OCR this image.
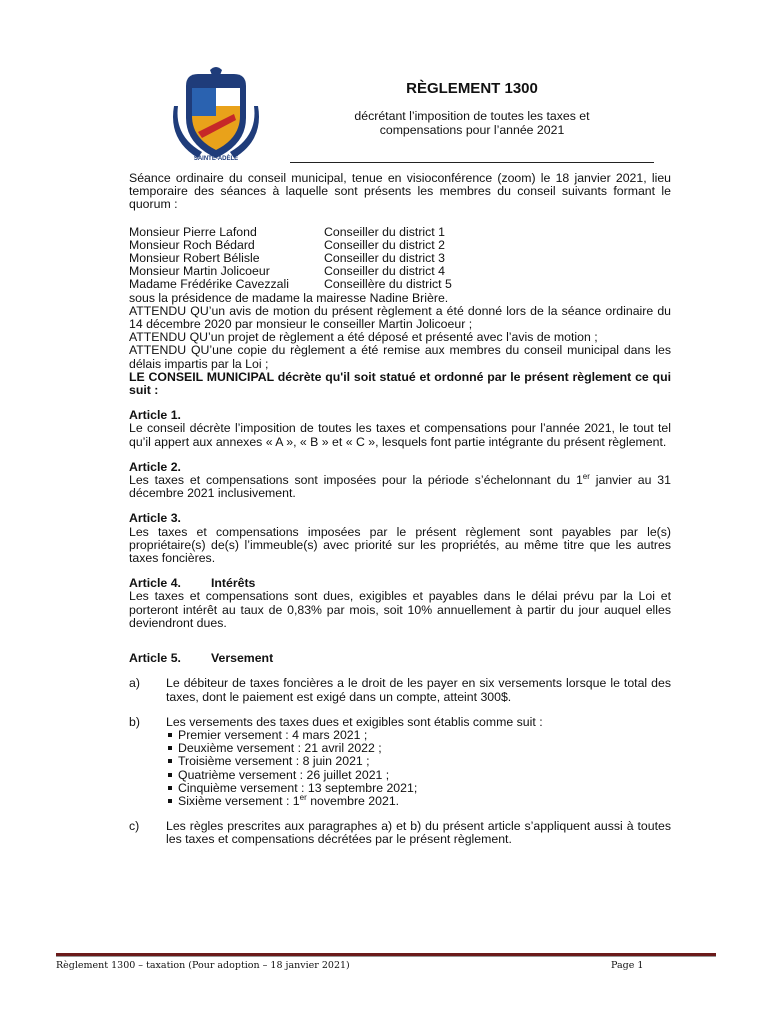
SAINTE-ADÈLE
RÈGLEMENT 1300
décrétant l’imposition de toutes les taxes et
compensations pour l’année 2021

Séance ordinaire du conseil municipal, tenue en visioconférence (zoom) le 18 janvier 2021, lieu temporaire des séances à laquelle sont présents les membres du conseil suivants formant le quorum :

Monsieur Pierre Lafond	Conseiller du district 1
Monsieur Roch Bédard	Conseiller du district 2
Monsieur Robert Bélisle	Conseiller du district 3
Monsieur Martin Jolicoeur	Conseiller du district 4
Madame Frédérike Cavezzali	Conseillère du district 5

sous la présidence de madame la mairesse Nadine Brière.

ATTENDU QU’un avis de motion du présent règlement a été donné lors de la séance ordinaire du 14 décembre 2020 par monsieur le conseiller Martin Jolicoeur ;

ATTENDU QU’un projet de règlement a été déposé et présenté avec l’avis de motion ;

ATTENDU QU’une copie du règlement a été remise aux membres du conseil municipal dans les délais impartis par la Loi ;

LE CONSEIL MUNICIPAL décrète qu'il soit statué et ordonné par le présent règlement ce qui suit :

Article 1.

Le conseil décrète l’imposition de toutes les taxes et compensations pour l’année 2021, le tout tel qu’il appert aux annexes « A », « B » et « C », lesquels font partie intégrante du présent règlement.

Article 2.

Les taxes et compensations sont imposées pour la période s’échelonnant du 1er janvier au 31 décembre 2021 inclusivement.

Article 3.

Les taxes et compensations imposées par le présent règlement sont payables par le(s) propriétaire(s) de(s) l’immeuble(s) avec priorité sur les propriétés, au même titre que les autres taxes foncières.

Article 4. Intérêts

Les taxes et compensations sont dues, exigibles et payables dans le délai prévu par la Loi et porteront intérêt au taux de 0,83% par mois, soit 10% annuellement à partir du jour auquel elles deviendront dues.

Article 5. Versement
a)	Le débiteur de taxes foncières a le droit de les payer en six versements lorsque le total des taxes, dont le paiement est exigé dans un compte, atteint 300$.

b)	Les versements des taxes dues et exigibles sont établis comme suit :

Premier versement : 4 mars 2021 ;
Deuxième versement : 21 avril 2022 ;
Troisième versement : 8 juin 2021 ;
Quatrième versement : 26 juillet 2021 ;
Cinquième versement : 13 septembre 2021;
Sixième versement : 1er novembre 2021.
c)	Les règles prescrites aux paragraphes a) et b) du présent article s’appliquent aussi à toutes les taxes et compensations décrétées par le présent règlement.

Règlement 1300 – taxation (Pour adoption – 18 janvier 2021)	Page 1
